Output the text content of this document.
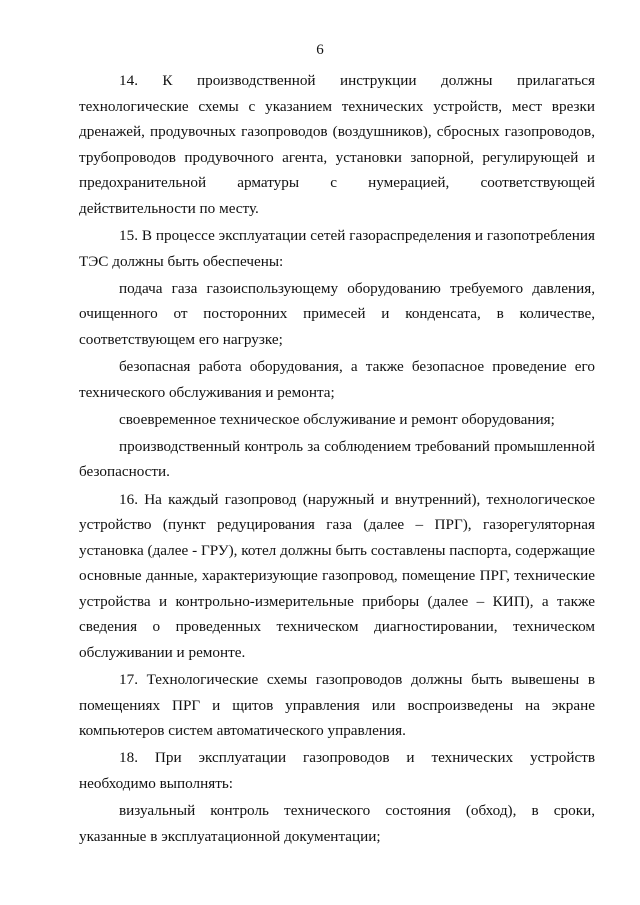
6

14. К производственной инструкции должны прилагаться технологические схемы с указанием технических устройств, мест врезки дренажей, продувочных газопроводов (воздушников), сбросных газопроводов, трубопроводов продувочного агента, установки запорной, регулирующей и предохранительной арматуры с нумерацией, соответствующей действительности по месту.

15. В процессе эксплуатации сетей газораспределения и газопотребления ТЭС должны быть обеспечены:

подача газа газоиспользующему оборудованию требуемого давления, очищенного от посторонних примесей и конденсата, в количестве, соответствующем его нагрузке;

безопасная работа оборудования, а также безопасное проведение его технического обслуживания и ремонта;

своевременное техническое обслуживание и ремонт оборудования;

производственный контроль за соблюдением требований промышленной безопасности.

16. На каждый газопровод (наружный и внутренний), технологическое устройство (пункт редуцирования газа (далее – ПРГ), газорегуляторная установка (далее - ГРУ), котел должны быть составлены паспорта, содержащие основные данные, характеризующие газопровод, помещение ПРГ, технические устройства и контрольно-измерительные приборы (далее – КИП), а также сведения о проведенных техническом диагностировании, техническом обслуживании и ремонте.

17. Технологические схемы газопроводов должны быть вывешены в помещениях ПРГ и щитов управления или воспроизведены на экране компьютеров систем автоматического управления.

18. При эксплуатации газопроводов и технических устройств необходимо выполнять:

визуальный контроль технического состояния (обход), в сроки, указанные в эксплуатационной документации;
